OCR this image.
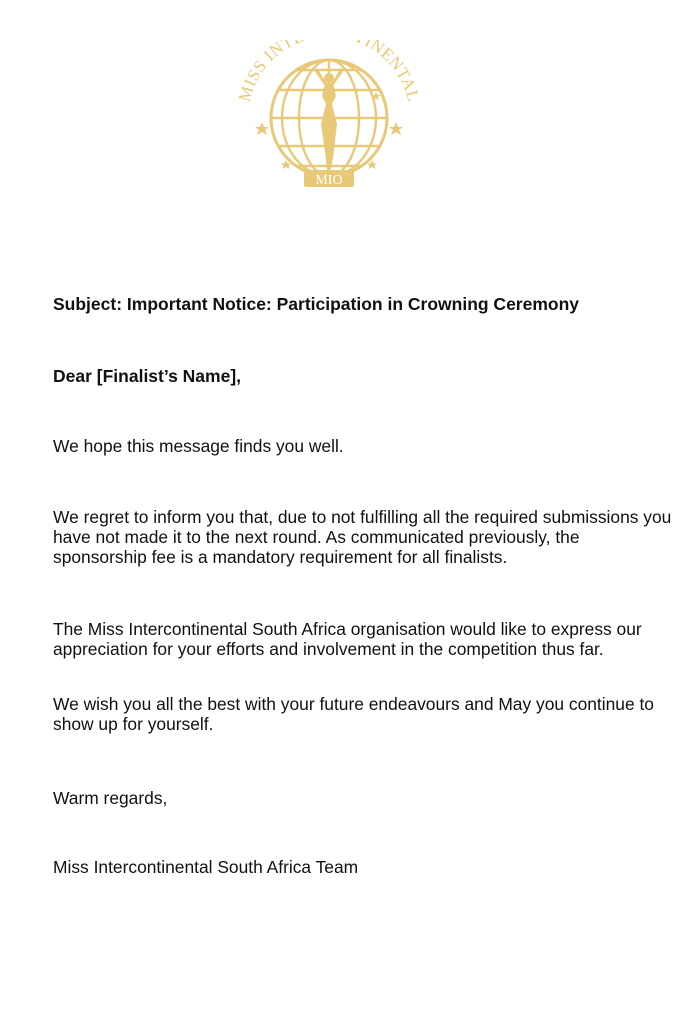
MISS INT INENTAL
MIO

Subject: Important Notice: Participation in Crowning Ceremony

Dear [Finalist’s Name],

We hope this message finds you well.

We regret to inform you that, due to not fulfilling all the required submissions you have not made it to the next round. As communicated previously, the sponsorship fee is a mandatory requirement for all finalists.

The Miss Intercontinental South Africa organisation would like to express our appreciation for your efforts and involvement in the competition thus far.

We wish you all the best with your future endeavours and May you continue to show up for yourself.

Warm regards,

Miss Intercontinental South Africa Team
